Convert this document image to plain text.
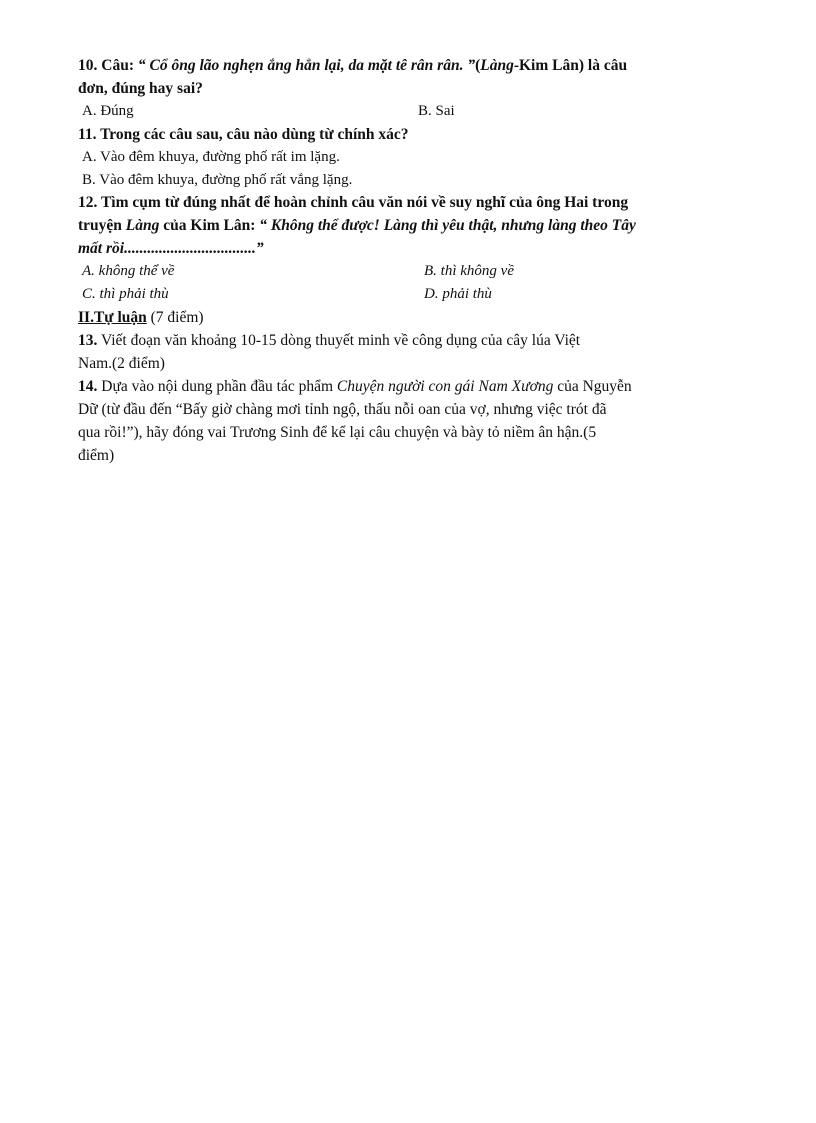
10. Câu: “ Cổ ông lão nghẹn ắng hẳn lại, da mặt tê rân rân. ”(Làng-Kim Lân) là câu
đơn, đúng hay sai?
A. Đúng	B. Sai
11. Trong các câu sau, câu nào dùng từ chính xác?
A. Vào đêm khuya, đường phố rất im lặng.
B. Vào đêm khuya, đường phố rất vắng lặng.
12. Tìm cụm từ đúng nhất để hoàn chỉnh câu văn nói về suy nghĩ của ông Hai trong
truyện Làng của Kim Lân: “ Không thể được! Làng thì yêu thật, nhưng làng theo Tây
mất rồi..................................”
A. không thể về	B. thì không về
C. thì phải thù	D. phải thù
II.Tự luận (7 điểm)
13. Viết đoạn văn khoảng 10-15 dòng thuyết minh về công dụng của cây lúa Việt
Nam.(2 điểm)
14. Dựa vào nội dung phần đầu tác phẩm Chuyện người con gái Nam Xương của Nguyễn
Dữ (từ đầu đến “Bấy giờ chàng mơi tỉnh ngộ, thấu nỗi oan của vợ, nhưng việc trót đã
qua rồi!”), hãy đóng vai Trương Sinh để kể lại câu chuyện và bày tỏ niềm ân hận.(5
điểm)
